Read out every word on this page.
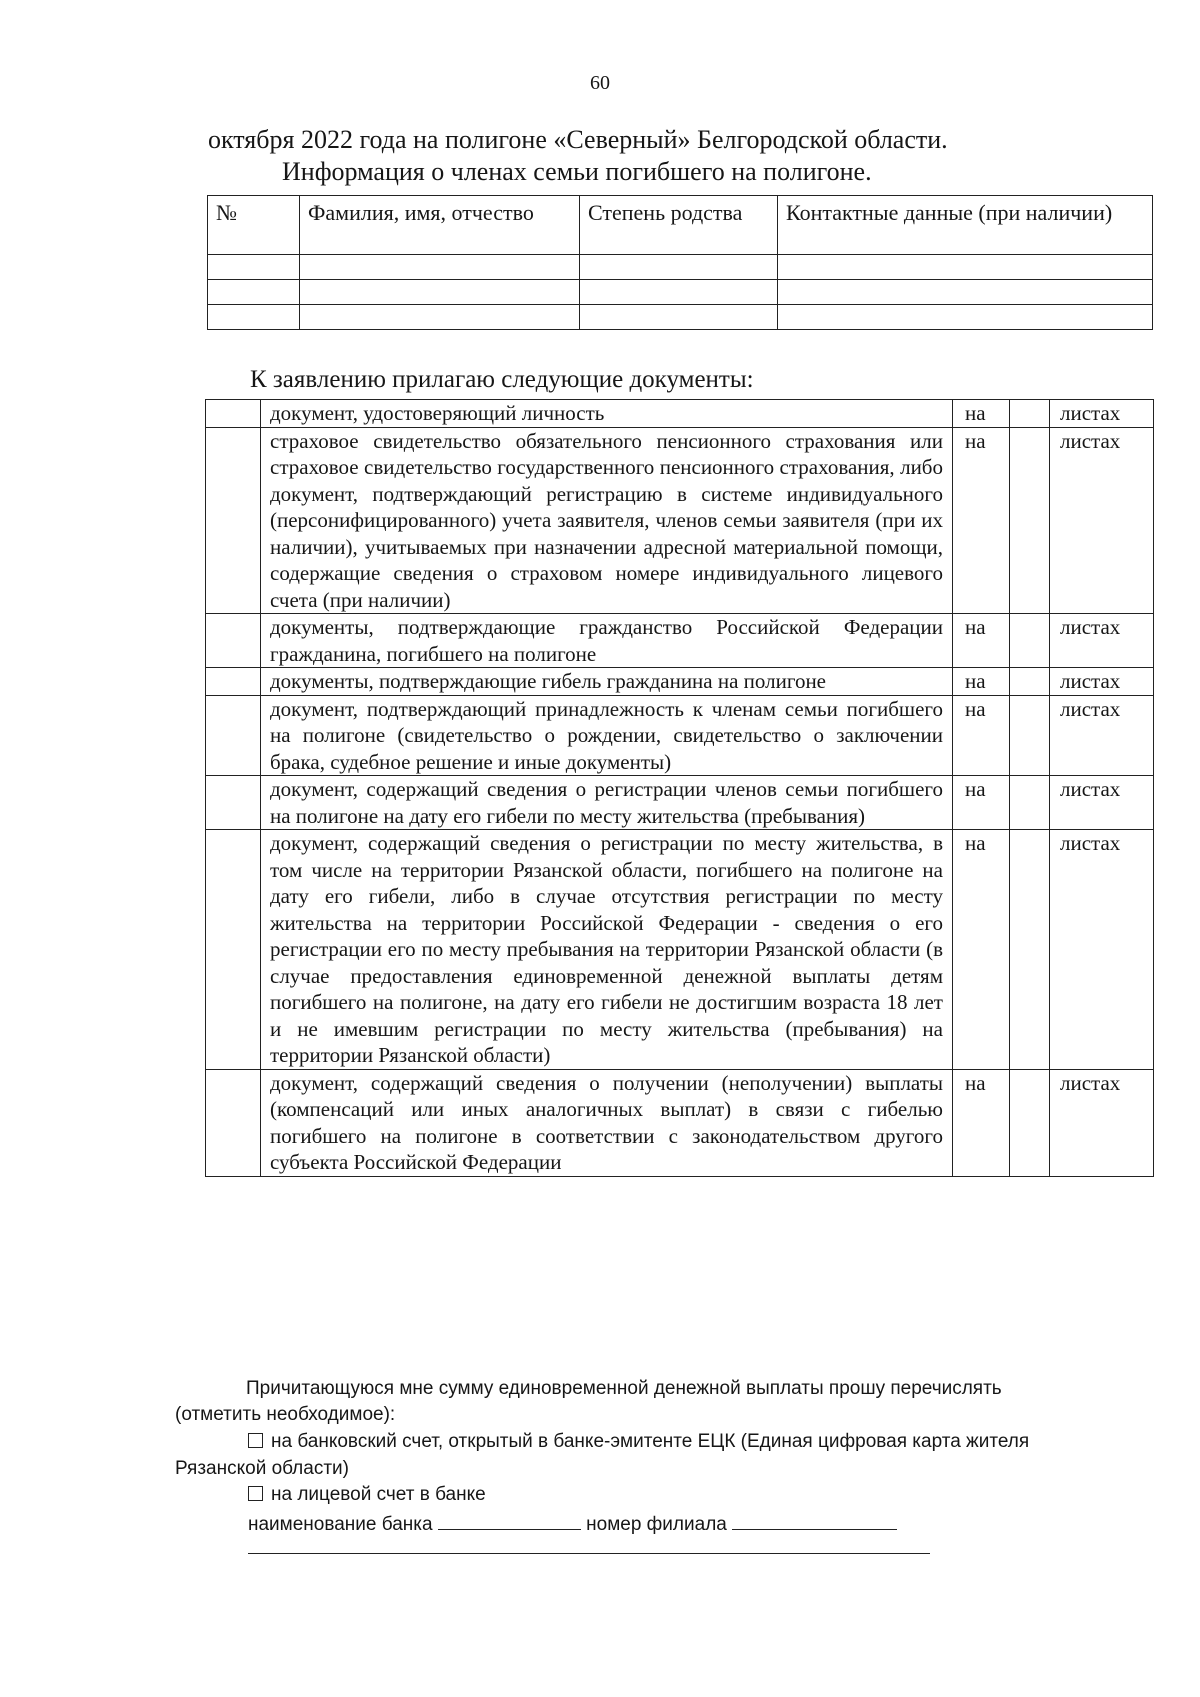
60
октября 2022 года на полигоне «Северный» Белгородской области.
Информация о членах семьи погибшего на полигоне.
№	Фамилия, имя, отчество	Степень родства	Контактные данные (при наличии)

К заявлению прилагаю следующие документы:
	документ, удостоверяющий личность	на		листах
	страховое свидетельство обязательного пенсионного страхования или страховое свидетельство государственного пенсионного страхования, либо документ, подтверждающий регистрацию в системе индивидуального (персонифицированного) учета заявителя, членов семьи заявителя (при их наличии), учитываемых при назначении адресной материальной помощи, содержащие сведения о страховом номере индивидуального лицевого счета (при наличии)	на		листах
	документы, подтверждающие гражданство Российской Федерации гражданина, погибшего на полигоне	на		листах
	документы, подтверждающие гибель гражданина на полигоне	на		листах
	документ, подтверждающий принадлежность к членам семьи погибшего на полигоне (свидетельство о рождении, свидетельство о заключении брака, судебное решение и иные документы)	на		листах
	документ, содержащий сведения о регистрации членов семьи погибшего на полигоне на дату его гибели по месту жительства (пребывания)	на		листах
	документ, содержащий сведения о регистрации по месту жительства, в том числе на территории Рязанской области, погибшего на полигоне на дату его гибели, либо в случае отсутствия регистрации по месту жительства на территории Российской Федерации - сведения о его регистрации его по месту пребывания на территории Рязанской области (в случае предоставления единовременной денежной выплаты детям погибшего на полигоне, на дату его гибели не достигшим возраста 18 лет и не имевшим регистрации по месту жительства (пребывания) на территории Рязанской области)	на		листах
	документ, содержащий сведения о получении (неполучении) выплаты (компенсаций или иных аналогичных выплат) в связи с гибелью погибшего на полигоне в соответствии с законодательством другого субъекта Российской Федерации	на		листах
Причитающуюся мне сумму единовременной денежной выплаты прошу перечислять
(отметить необходимое):
на банковский счет, открытый в банке-эмитенте ЕЦК (Единая цифровая карта жителя
Рязанской области)
на лицевой счет в банке
наименование банка	номер филиала
